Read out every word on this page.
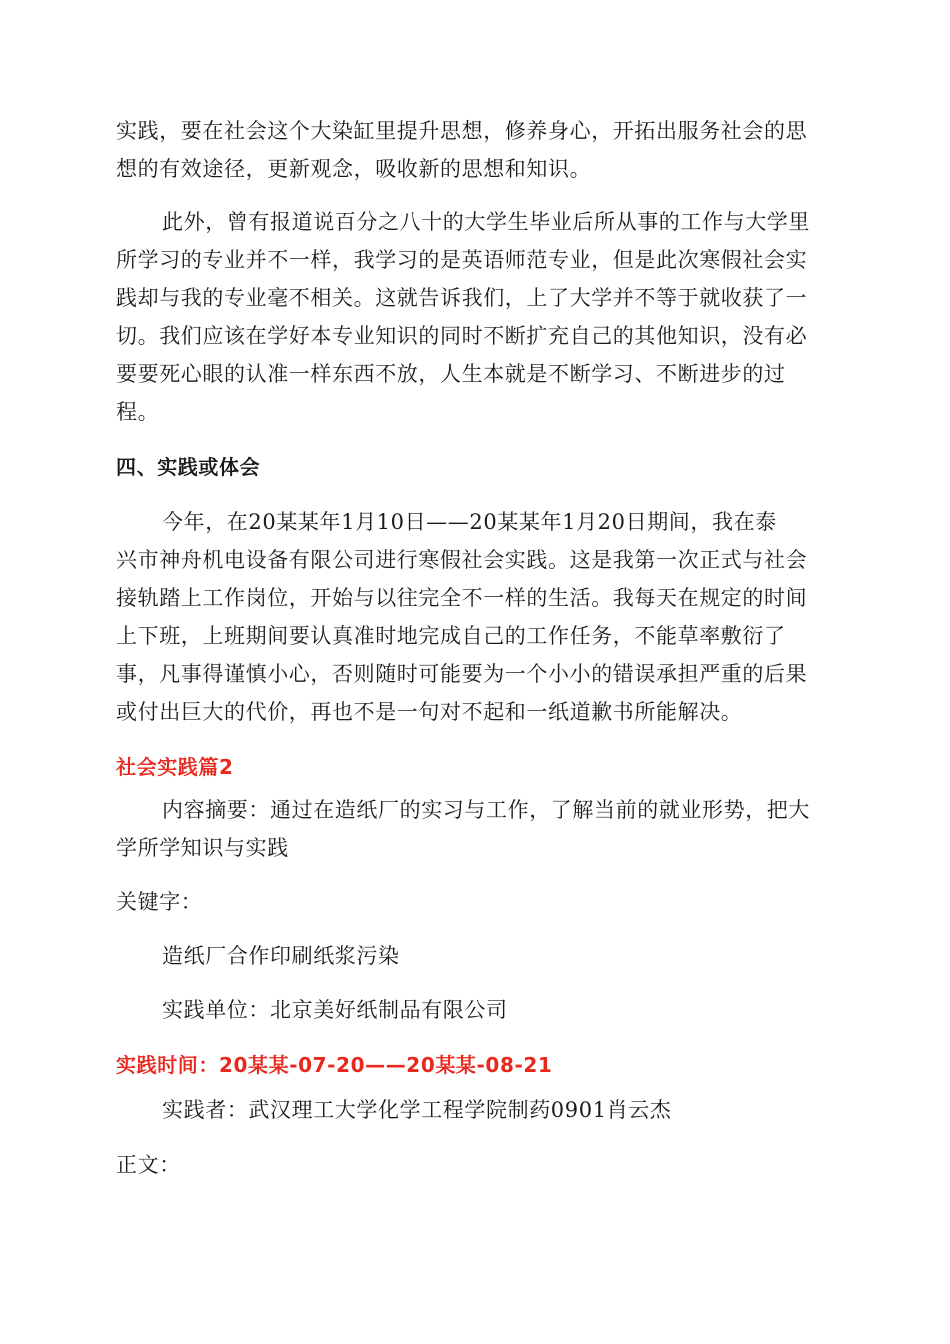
实践，要在社会这个大染缸里提升思想，修养身心，开拓出服务社会的思
想的有效途径，更新观念，吸收新的思想和知识。
此外，曾有报道说百分之八十的大学生毕业后所从事的工作与大学里
所学习的专业并不一样，我学习的是英语师范专业，但是此次寒假社会实
践却与我的专业毫不相关。这就告诉我们，上了大学并不等于就收获了一
切。我们应该在学好本专业知识的同时不断扩充自己的其他知识，没有必
要要死心眼的认准一样东西不放，人生本就是不断学习、不断进步的过
程。
四、实践或体会
今年，在20某某年1月10日——20某某年1月20日期间，我在泰
兴市神舟机电设备有限公司进行寒假社会实践。这是我第一次正式与社会
接轨踏上工作岗位，开始与以往完全不一样的生活。我每天在规定的时间
上下班，上班期间要认真准时地完成自己的工作任务，不能草率敷衍了
事，凡事得谨慎小心，否则随时可能要为一个小小的错误承担严重的后果
或付出巨大的代价，再也不是一句对不起和一纸道歉书所能解决。
社会实践篇2
内容摘要：通过在造纸厂的实习与工作，了解当前的就业形势，把大
学所学知识与实践
关键字：
造纸厂合作印刷纸浆污染
实践单位：北京美好纸制品有限公司
实践时间：20某某-07-20——20某某-08-21
实践者：武汉理工大学化学工程学院制药0901肖云杰
正文：
